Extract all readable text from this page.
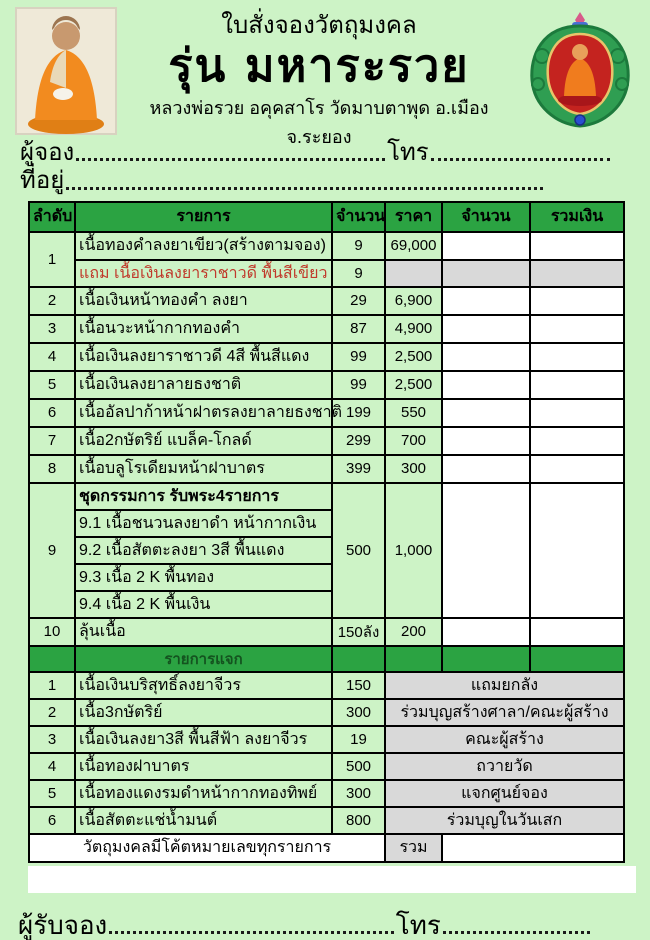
ใบสั่งจองวัตถุมงคล
รุ่น มหาระรวย
หลวงพ่อรวย อคุคสาโร วัดมาบตาพุด อ.เมือง จ.ระยอง
ผู้จอง	โทร
ที่อยู่
ลำดับ	รายการ	จำนวน	ราคา	จำนวน	รวมเงิน
1	เนื้อทองคำลงยาเขียว(สร้างตามจอง)	9	69,000		
	แถม เนื้อเงินลงยาราชาวดี พื้นสีเขียว	9			
2	เนื้อเงินหน้าทองคำ ลงยา	29	6,900		
3	เนื้อนวะหน้ากากทองคำ	87	4,900		
4	เนื้อเงินลงยาราชาวดี 4สี พื้นสีแดง	99	2,500		
5	เนื้อเงินลงยาลายธงชาติ	99	2,500		
6	เนื้ออัลปาก้าหน้าฝาตรลงยาลายธงชาติ	199	550		
7	เนื้อ2กษัตริย์ แบล็ค-โกลด์	299	700		
8	เนื้อบลูโรเดียมหน้าฝาบาตร	399	300		
9	ชุดกรรมการ รับพระ4รายการ	500	1,000		
	9.1 เนื้อชนวนลงยาดำ หน้ากากเงิน				
	9.2 เนื้อสัตตะลงยา 3สี พื้นแดง				
	9.3 เนื้อ 2 K พื้นทอง				
	9.4 เนื้อ 2 K พื้นเงิน				
10	ลุ้นเนื้อ	150ลัง	200		
	รายการแจก				
1	เนื้อเงินบริสุทธิ์ลงยาจีวร	150	แถมยกลัง		
2	เนื้อ3กษัตริย์	300	ร่วมบุญสร้างศาลา/คณะผู้สร้าง		
3	เนื้อเงินลงยา3สี พื้นสีฟ้า ลงยาจีวร	19	คณะผู้สร้าง		
4	เนื้อทองฝาบาตร	500	ถวายวัด		
5	เนื้อทองแดงรมดำหน้ากากทองทิพย์	300	แจกศูนย์จอง		
6	เนื้อสัตตะแช่น้ำมนต์	800	ร่วมบุญในวันเสก		
วัตถุมงคลมีโค้ตหมายเลขทุกรายการ			รวม		
ผู้รับจอง	โทร
